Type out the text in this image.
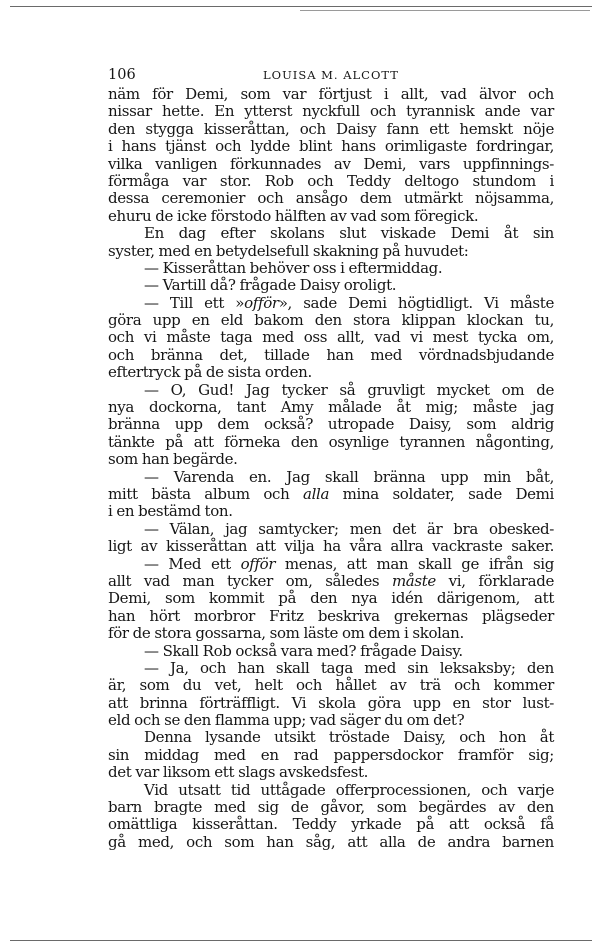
106	LOUISA M. ALCOTT
näm för Demi, som var förtjust i allt, vad älvor och
nissar hette. En ytterst nyckfull och tyrannisk ande var
den stygga kisseråttan, och Daisy fann ett hemskt nöje
i hans tjänst och lydde blint hans orimligaste fordringar,
vilka vanligen förkunnades av Demi, vars uppfinnings-
förmåga var stor. Rob och Teddy deltogo stundom i
dessa ceremonier och ansågo dem utmärkt nöjsamma,
ehuru de icke förstodo hälften av vad som föregick.
En dag efter skolans slut viskade Demi åt sin
syster, med en betydelsefull skakning på huvudet:
— Kisseråttan behöver oss i eftermiddag.
— Vartill då? frågade Daisy oroligt.
— Till ett »offör», sade Demi högtidligt. Vi måste
göra upp en eld bakom den stora klippan klockan tu,
och vi måste taga med oss allt, vad vi mest tycka om,
och bränna det, tillade han med vördnadsbjudande
eftertryck på de sista orden.
— O, Gud! Jag tycker så gruvligt mycket om de
nya dockorna, tant Amy målade åt mig; måste jag
bränna upp dem också? utropade Daisy, som aldrig
tänkte på att förneka den osynlige tyrannen någonting,
som han begärde.
— Varenda en. Jag skall bränna upp min båt,
mitt bästa album och alla mina soldater, sade Demi
i en bestämd ton.
— Välan, jag samtycker; men det är bra obesked-
ligt av kisseråttan att vilja ha våra allra vackraste saker.
— Med ett offör menas, att man skall ge ifrån sig
allt vad man tycker om, således måste vi, förklarade
Demi, som kommit på den nya idén därigenom, att
han hört morbror Fritz beskriva grekernas plägseder
för de stora gossarna, som läste om dem i skolan.
— Skall Rob också vara med? frågade Daisy.
— Ja, och han skall taga med sin leksaksby; den
är, som du vet, helt och hållet av trä och kommer
att brinna förträffligt. Vi skola göra upp en stor lust-
eld och se den flamma upp; vad säger du om det?
Denna lysande utsikt tröstade Daisy, och hon åt
sin middag med en rad pappersdockor framför sig;
det var liksom ett slags avskedsfest.
Vid utsatt tid uttågade offerprocessionen, och varje
barn bragte med sig de gåvor, som begärdes av den
omättliga kisseråttan. Teddy yrkade på att också få
gå med, och som han såg, att alla de andra barnen
